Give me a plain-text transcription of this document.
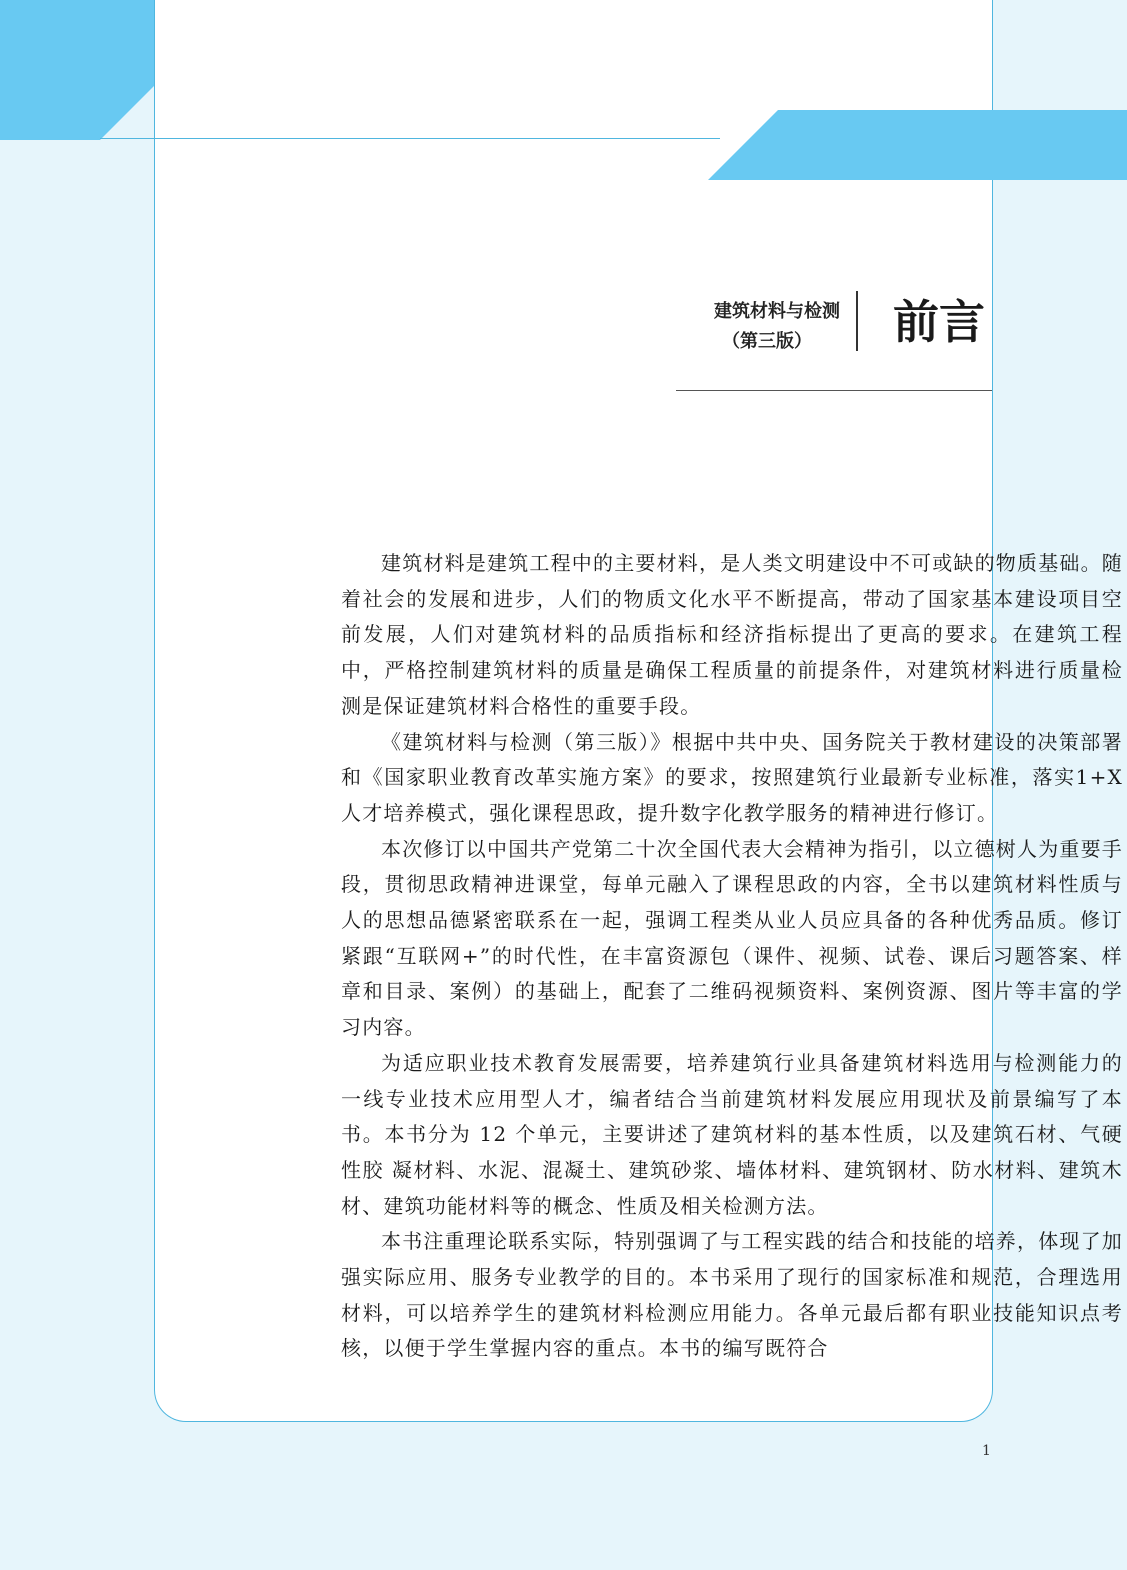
建筑材料是建筑工程中的主要材料，是人类文明建设中不可或缺的物质基础。随着社会的发展和进步，人们的物质文化水平不断提高，带动了国家基本建设项目空前发展，人们对建筑材料的品质指标和经济指标提出了更高的要求。在建筑工程中，严格控制建筑材料的质量是确保工程质量的前提条件，对建筑材料进行质量检测是保证建筑材料合格性的重要手段。

《建筑材料与检测（第三版）》根据中共中央、国务院关于教材建设的决策部署和《国家职业教育改革实施方案》的要求，按照建筑行业最新专业标准，落实1+X人才培养模式，强化课程思政，提升数字化教学服务的精神进行修订。

本次修订以中国共产党第二十次全国代表大会精神为指引，以立德树人为重要手段，贯彻思政精神进课堂，每单元融入了课程思政的内容，全书以建筑材料性质与人的思想品德紧密联系在一起，强调工程类从业人员应具备的各种优秀品质。修订紧跟“互联网+”的时代性，在丰富资源包（课件、视频、试卷、课后习题答案、样章和目录、案例）的基础上，配套了二维码视频资料、案例资源、图片等丰富的学习内容。

为适应职业技术教育发展需要，培养建筑行业具备建筑材料选用与检测能力的 一线专业技术应用型人才，编者结合当前建筑材料发展应用现状及前景编写了本书。本书分为 12 个单元，主要讲述了建筑材料的基本性质，以及建筑石材、气硬性胶 凝材料、水泥、混凝土、建筑砂浆、墙体材料、建筑钢材、防水材料、建筑木材、建筑功能材料等的概念、性质及相关检测方法。

本书注重理论联系实际，特别强调了与工程实践的结合和技能的培养，体现了加强实际应用、服务专业教学的目的。本书采用了现行的国家标准和规范，合理选用材料，可以培养学生的建筑材料检测应用能力。各单元最后都有职业技能知识点考核，以便于学生掌握内容的重点。本书的编写既符合

建筑材料与检测
（第三版）	前言
1
